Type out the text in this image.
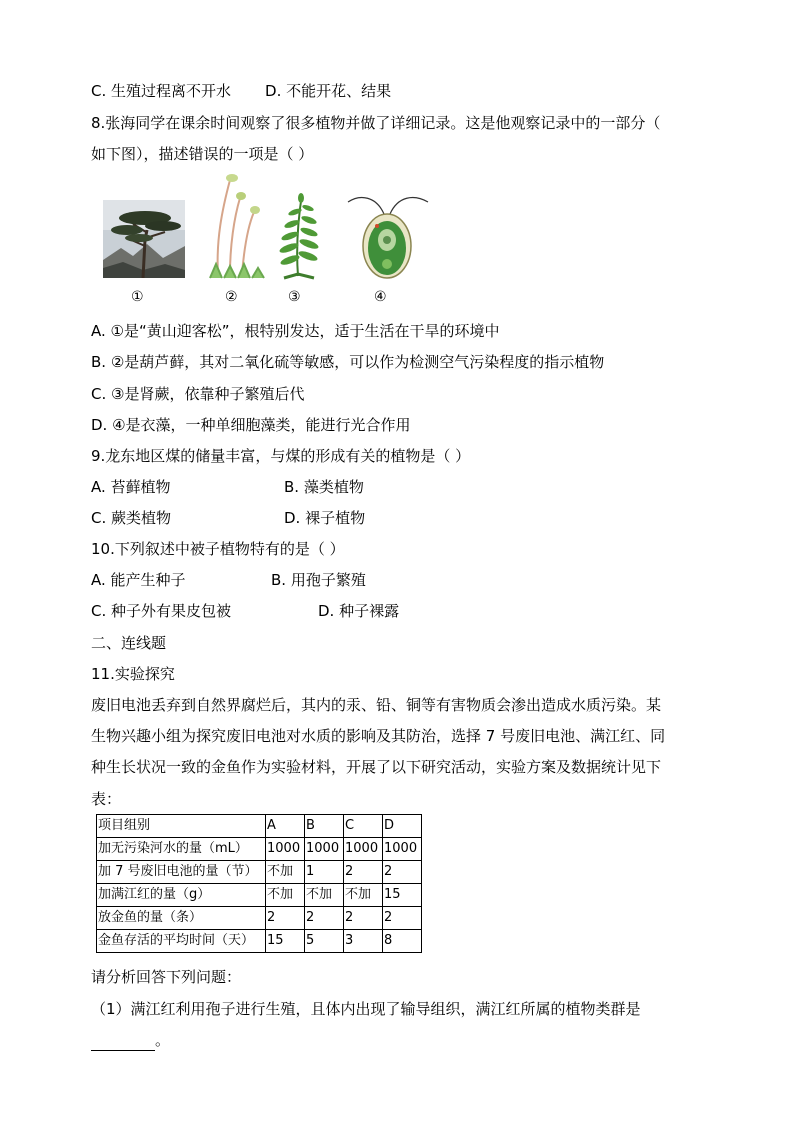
C. 生殖过程离不开水 D. 不能开花、结果
8.张海同学在课余时间观察了很多植物并做了详细记录。这是他观察记录中的一部分（
如下图），描述错误的一项是（ ）
①	②	③	④
A. ①是“黄山迎客松”，根特别发达，适于生活在干旱的环境中
B. ②是葫芦藓，其对二氧化硫等敏感，可以作为检测空气污染程度的指示植物
C. ③是肾蕨，依靠种子繁殖后代
D. ④是衣藻，一种单细胞藻类，能进行光合作用
9.龙东地区煤的储量丰富，与煤的形成有关的植物是（ ）
A. 苔藓植物	B. 藻类植物
C. 蕨类植物	D. 裸子植物
10.下列叙述中被子植物特有的是（ ）
A. 能产生种子	B. 用孢子繁殖
C. 种子外有果皮包被	D. 种子裸露
二、连线题
11.实验探究
废旧电池丢弃到自然界腐烂后，其内的汞、铅、铜等有害物质会渗出造成水质污染。某
生物兴趣小组为探究废旧电池对水质的影响及其防治，选择 7 号废旧电池、满江红、同
种生长状况一致的金鱼作为实验材料，开展了以下研究活动，实验方案及数据统计见下
表：
项目组别	A	B	C	D
加无污染河水的量（mL）	1000	1000	1000	1000
加 7 号废旧电池的量（节）	不加	1	2	2
加满江红的量（g）	不加	不加	不加	15
放金鱼的量（条）	2	2	2	2
金鱼存活的平均时间（天）	15	5	3	8
请分析回答下列问题：
（1）满江红利用孢子进行生殖，且体内出现了输导组织，满江红所属的植物类群是
。
